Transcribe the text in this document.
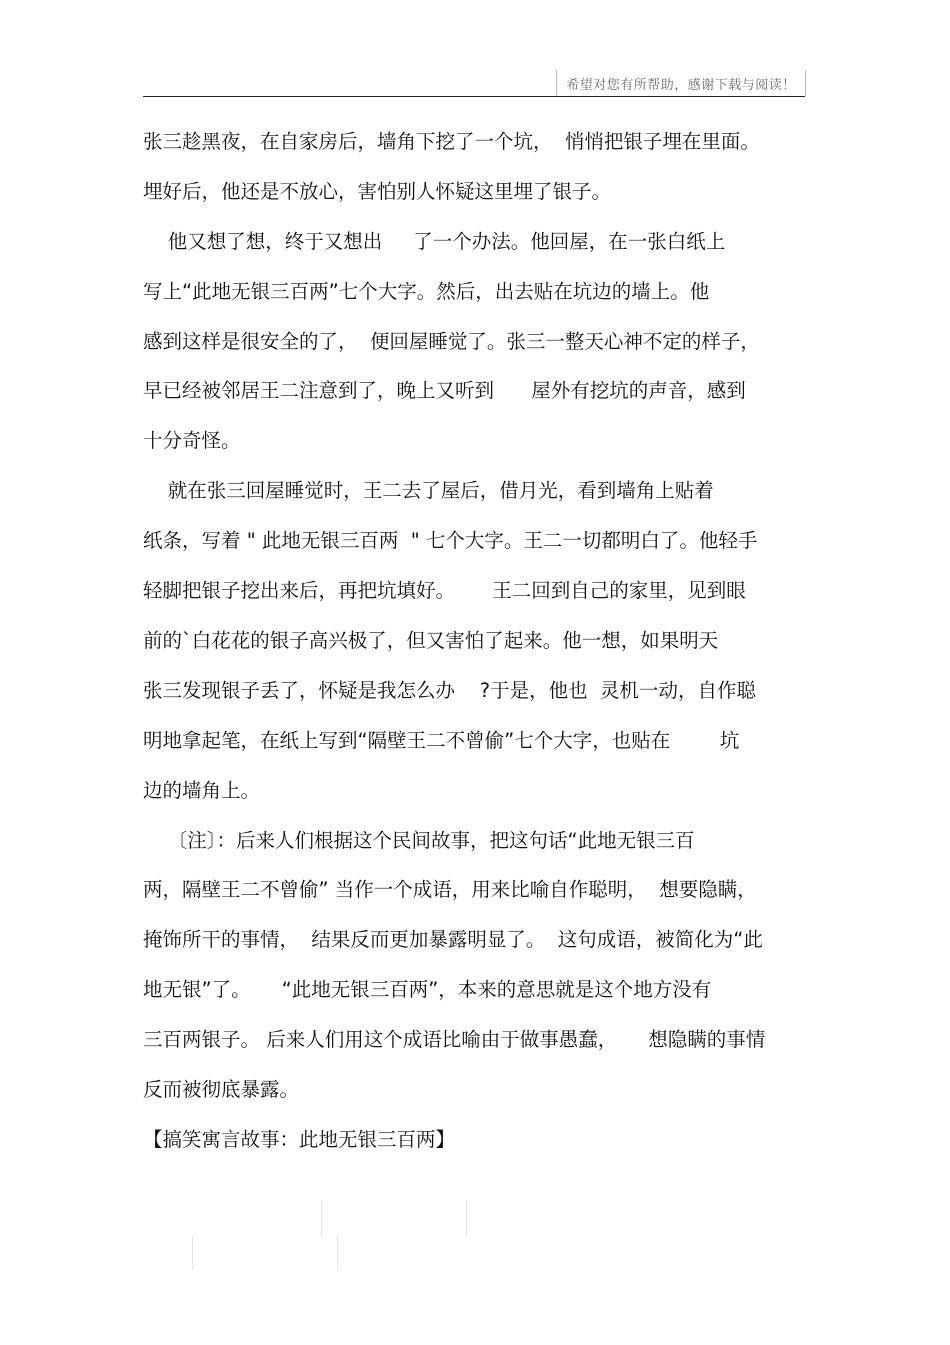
希望对您有所帮助，感谢下载与阅读！
张三趁黑夜，在自家房后，墙角下挖了一个坑，  悄悄把银子埋在里面。
埋好后，他还是不放心，害怕别人怀疑这里埋了银子。
他又想了想，终于又想出     了一个办法。他回屋，在一张白纸上
写上“此地无银三百两”七个大字。然后，出去贴在坑边的墙上。他
感到这样是很安全的了，  便回屋睡觉了。张三一整天心神不定的样子，
早已经被邻居王二注意到了，晚上又听到      屋外有挖坑的声音，感到
十分奇怪。
就在张三回屋睡觉时，王二去了屋后，借月光，看到墙角上贴着
纸条，写着 " 此地无银三百两  " 七个大字。王二一切都明白了。他轻手
轻脚把银子挖出来后，再把坑填好。      王二回到自己的家里，见到眼
前的`白花花的银子高兴极了，但又害怕了起来。他一想，如果明天
张三发现银子丢了，怀疑是我怎么办    ?于是，他也  灵机一动，自作聪
明地拿起笔，在纸上写到“隔壁王二不曾偷”七个大字，也贴在        坑
边的墙角上。
〔注〕：后来人们根据这个民间故事，把这句话“此地无银三百
两，隔壁王二不曾偷” 当作一个成语，用来比喻自作聪明，  想要隐瞒，
掩饰所干的事情，  结果反而更加暴露明显了。  这句成语，被简化为“此
地无银”了。     “此地无银三百两”，本来的意思就是这个地方没有
三百两银子。 后来人们用这个成语比喻由于做事愚蠢，     想隐瞒的事情
反而被彻底暴露。
【搞笑寓言故事：此地无银三百两】
